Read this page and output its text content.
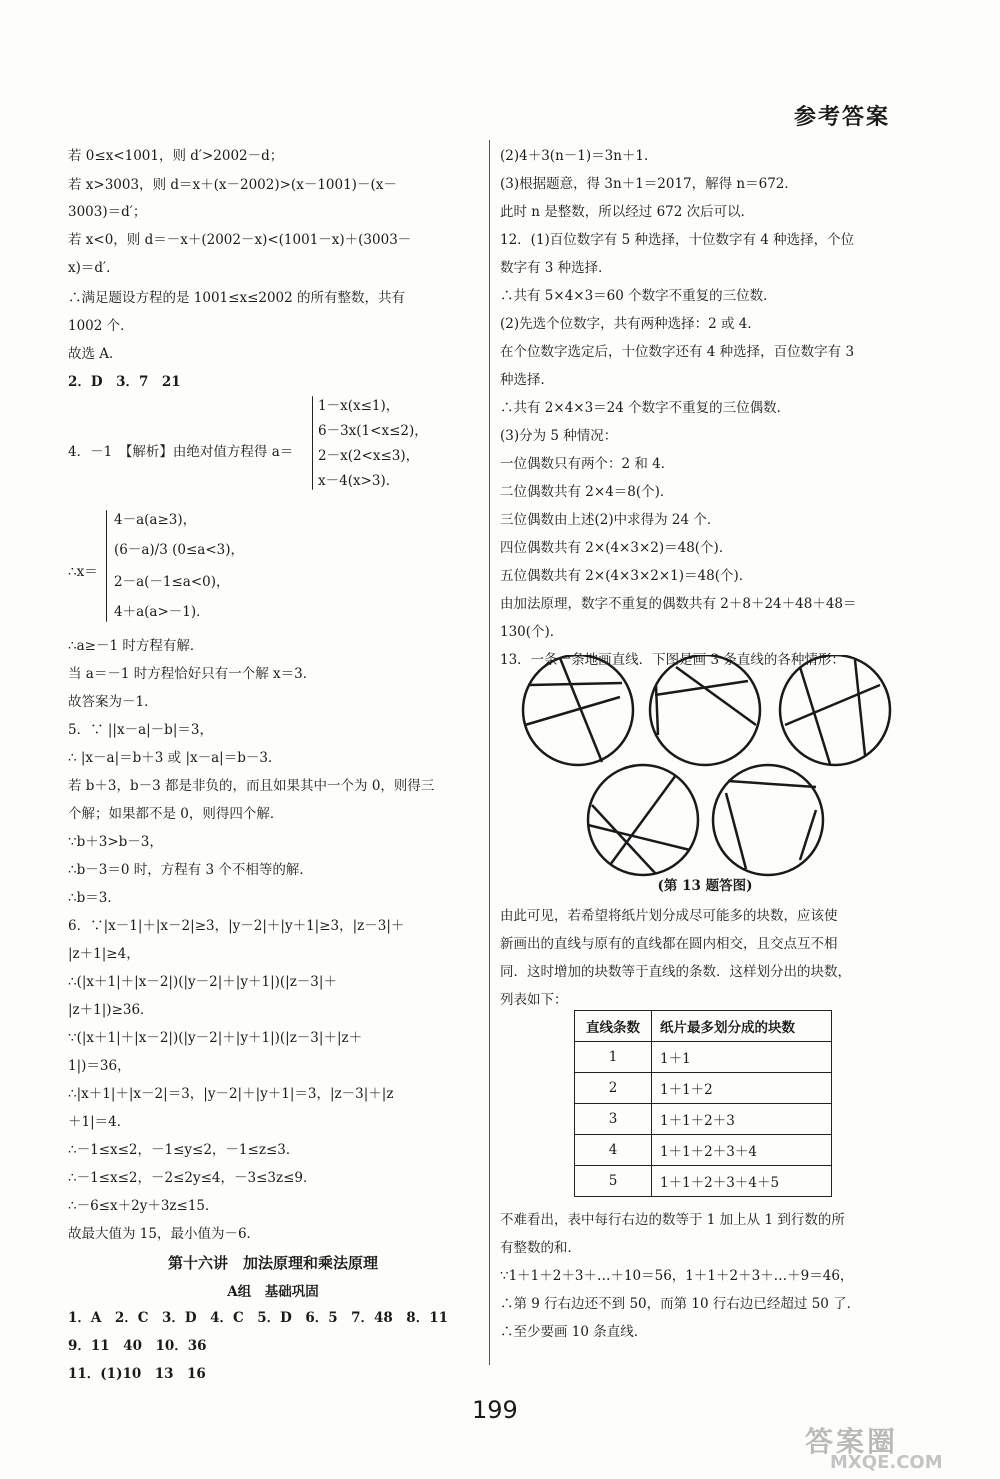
参考答案
若 0≤x<1001，则 d′>2002－d；
若 x>3003，则 d＝x＋(x－2002)>(x－1001)－(x－
3003)＝d′；
若 x<0，则 d＝－x＋(2002－x)<(1001－x)＋(3003－
x)＝d′．
∴满足题设方程的是 1001≤x≤2002 的所有整数，共有
1002 个．
故选 A．
2．D　3．7　21
4．－1　【解析】由绝对值方程得 a＝
1－x(x≤1)，
6－3x(1<x≤2)，
2－x(2<x≤3)，
x－4(x>3)．
∴x＝
4－a(a≥3)，
(6－a)/3 (0≤a<3)，
2－a(－1≤a<0)，
4＋a(a>－1)．
∴a≥－1 时方程有解．
当 a＝－1 时方程恰好只有一个解 x＝3．
故答案为－1．
5．∵ ||x－a|－b|＝3，
∴ |x－a|＝b＋3 或 |x－a|＝b－3．
若 b＋3，b－3 都是非负的，而且如果其中一个为 0，则得三
个解；如果都不是 0，则得四个解．
∵b＋3>b－3，
∴b－3＝0 时，方程有 3 个不相等的解．
∴b＝3．
6．∵|x－1|＋|x－2|≥3，|y－2|＋|y＋1|≥3，|z－3|＋
|z＋1|≥4，
∴(|x＋1|＋|x－2|)(|y－2|＋|y＋1|)(|z－3|＋
|z＋1|)≥36．
∵(|x＋1|＋|x－2|)(|y－2|＋|y＋1|)(|z－3|＋|z＋
1|)＝36，
∴|x＋1|＋|x－2|＝3，|y－2|＋|y＋1|＝3，|z－3|＋|z
＋1|＝4．
∴－1≤x≤2，－1≤y≤2，－1≤z≤3．
∴－1≤x≤2，－2≤2y≤4，－3≤3z≤9．
∴－6≤x＋2y＋3z≤15．
故最大值为 15，最小值为－6．
第十六讲　加法原理和乘法原理
A组　基础巩固
1．A　2．C　3．D　4．C　5．D　6．5　7．48　8．11
9．11　40　10．36
11．(1)10　13　16
(2)4＋3(n－1)＝3n＋1．
(3)根据题意，得 3n＋1＝2017，解得 n＝672．
此时 n 是整数，所以经过 672 次后可以．
12．(1)百位数字有 5 种选择，十位数字有 4 种选择，个位
数字有 3 种选择．
∴共有 5×4×3＝60 个数字不重复的三位数．
(2)先选个位数字，共有两种选择：2 或 4．
在个位数字选定后，十位数字还有 4 种选择，百位数字有 3
种选择．
∴共有 2×4×3＝24 个数字不重复的三位偶数．
(3)分为 5 种情况：
一位偶数只有两个：2 和 4．
二位偶数共有 2×4＝8(个)．
三位偶数由上述(2)中求得为 24 个．
四位偶数共有 2×(4×3×2)＝48(个)．
五位偶数共有 2×(4×3×2×1)＝48(个)．
由加法原理，数字不重复的偶数共有 2＋8＋24＋48＋48＝
130(个)．
13．一条一条地画直线．下图是画 3 条直线的各种情形：
(第 13 题答图)
由此可见，若希望将纸片划分成尽可能多的块数，应该使
新画出的直线与原有的直线都在圆内相交，且交点互不相
同．这时增加的块数等于直线的条数．这样划分出的块数，
列表如下：
直线条数	纸片最多划分成的块数
1	1＋1
2	1＋1＋2
3	1＋1＋2＋3
4	1＋1＋2＋3＋4
5	1＋1＋2＋3＋4＋5
不难看出，表中每行右边的数等于 1 加上从 1 到行数的所
有整数的和．
∵1＋1＋2＋3＋…＋10＝56，1＋1＋2＋3＋…＋9＝46，
∴第 9 行右边还不到 50，而第 10 行右边已经超过 50 了．
∴至少要画 10 条直线．
199
答案圈
MXQE.COM
